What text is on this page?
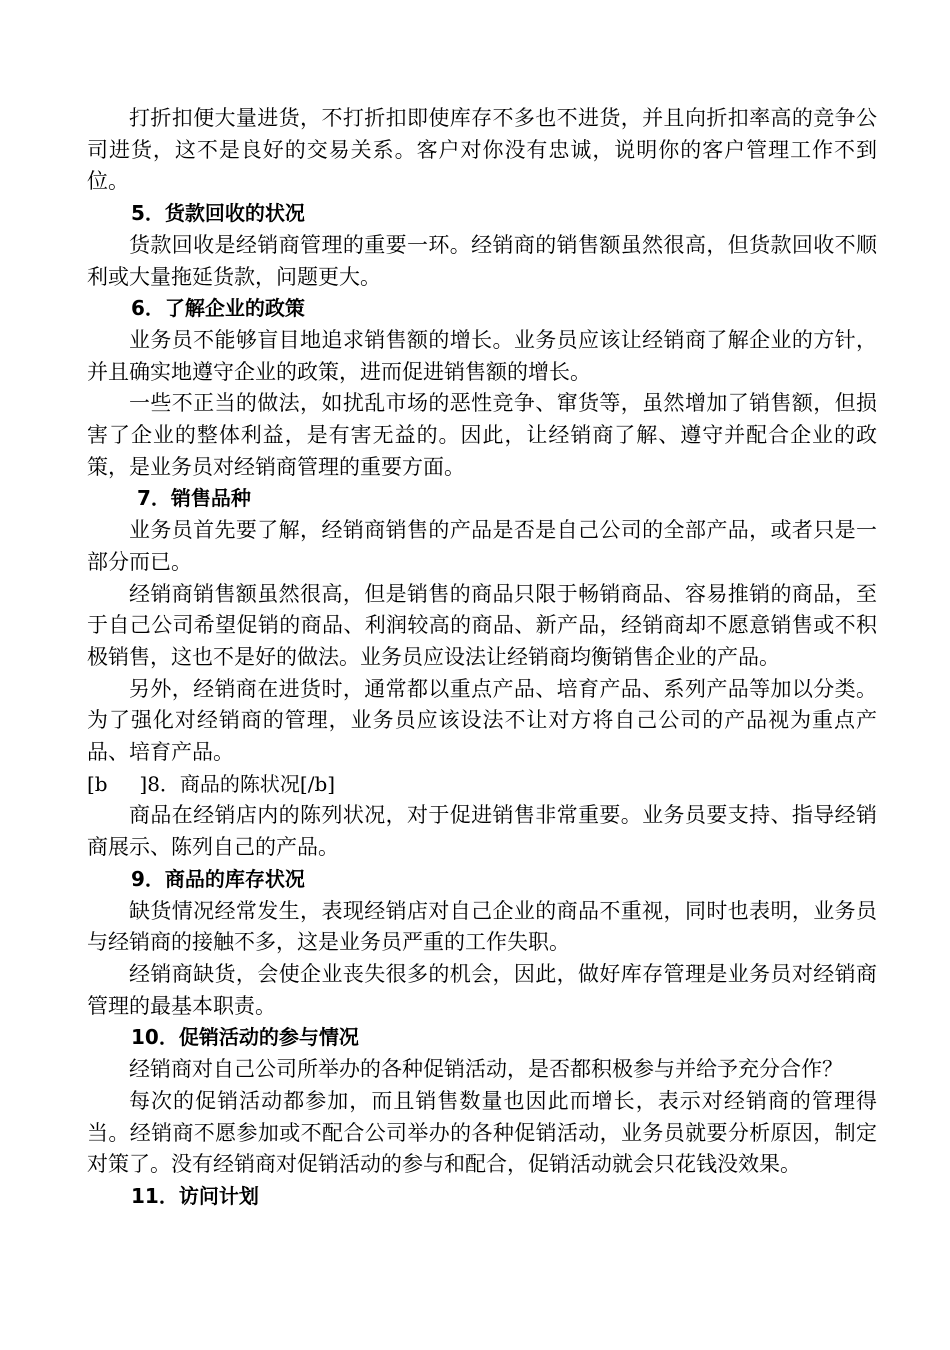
打折扣便大量进货，不打折扣即使库存不多也不进货，并且向折扣率高的竞争公司进货，这不是良好的交易关系。客户对你没有忠诚，说明你的客户管理工作不到位。

5．货款回收的状况

货款回收是经销商管理的重要一环。经销商的销售额虽然很高，但货款回收不顺利或大量拖延货款，问题更大。

6．了解企业的政策

业务员不能够盲目地追求销售额的增长。业务员应该让经销商了解企业的方针，并且确实地遵守企业的政策，进而促进销售额的增长。

一些不正当的做法，如扰乱市场的恶性竞争、窜货等，虽然增加了销售额，但损害了企业的整体利益，是有害无益的。因此，让经销商了解、遵守并配合企业的政策，是业务员对经销商管理的重要方面。

7．销售品种

业务员首先要了解，经销商销售的产品是否是自己公司的全部产品，或者只是一部分而已。

经销商销售额虽然很高，但是销售的商品只限于畅销商品、容易推销的商品，至于自己公司希望促销的商品、利润较高的商品、新产品，经销商却不愿意销售或不积极销售，这也不是好的做法。业务员应设法让经销商均衡销售企业的产品。

另外，经销商在进货时，通常都以重点产品、培育产品、系列产品等加以分类。为了强化对经销商的管理，业务员应该设法不让对方将自己公司的产品视为重点产品、培育产品。

[b     ]8．商品的陈状况[/b]

商品在经销店内的陈列状况，对于促进销售非常重要。业务员要支持、指导经销商展示、陈列自己的产品。

9．商品的库存状况

缺货情况经常发生，表现经销店对自己企业的商品不重视，同时也表明，业务员与经销商的接触不多，这是业务员严重的工作失职。

经销商缺货，会使企业丧失很多的机会，因此，做好库存管理是业务员对经销商管理的最基本职责。

10．促销活动的参与情况

经销商对自己公司所举办的各种促销活动，是否都积极参与并给予充分合作？

每次的促销活动都参加，而且销售数量也因此而增长，表示对经销商的管理得当。经销商不愿参加或不配合公司举办的各种促销活动，业务员就要分析原因，制定对策了。没有经销商对促销活动的参与和配合，促销活动就会只花钱没效果。

11．访问计划
